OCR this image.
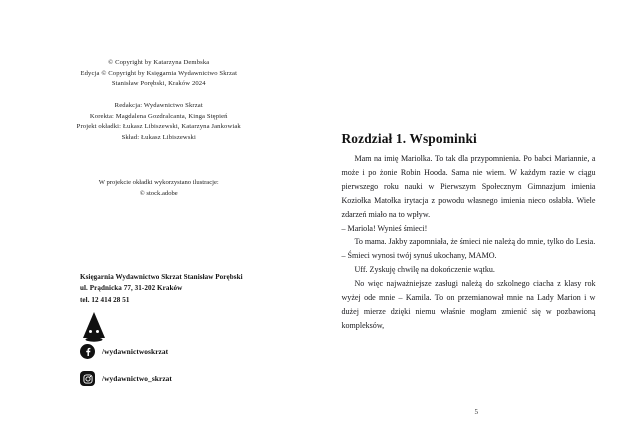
© Copyright by Katarzyna Dembska
Edycja © Copyright by Księgarnia Wydawnictwo Skrzat
Stanisław Porębski, Kraków 2024
Redakcja: Wydawnictwo Skrzat
Korekta: Magdalena Gozdralcanta, Kinga Stępień
Projekt okładki: Łukasz Libiszewski, Katarzyna Jankowiak
Skład: Łukasz Libiszewski
W projekcie okładki wykorzystano ilustracje:
© stock.adobe
Księgarnia Wydawnictwo Skrzat Stanisław Porębski
ul. Prądnicka 77, 31-202 Kraków
tel. 12 414 28 51
/wydawnictwoskrzat
/wydawnictwo_skrzat
Rozdział 1. Wspominki

Mam na imię Mariolka. To tak dla przypomnienia. Po babci Mariannie, a może i po żonie Robin Hooda. Sama nie wiem. W każdym razie w ciągu pierwszego roku nauki w Pierwszym Społecznym Gimnazjum imienia Koziołka Matołka irytacja z powodu własnego imienia nieco osłabła. Wiele zdarzeń miało na to wpływ.

– Mariola! Wynieś śmieci!

To mama. Jakby zapomniała, że śmieci nie należą do mnie, tylko do Lesia.

– Śmieci wynosi twój synuś ukochany, MAMO.

Uff. Zyskuję chwilę na dokończenie wątku.

No więc najważniejsze zasługi należą do szkolnego ciacha z klasy rok wyżej ode mnie – Kamila. To on przemianował mnie na Lady Marion i w dużej mierze dzięki niemu właśnie mogłam zmienić się w pozbawioną kompleksów,

5
